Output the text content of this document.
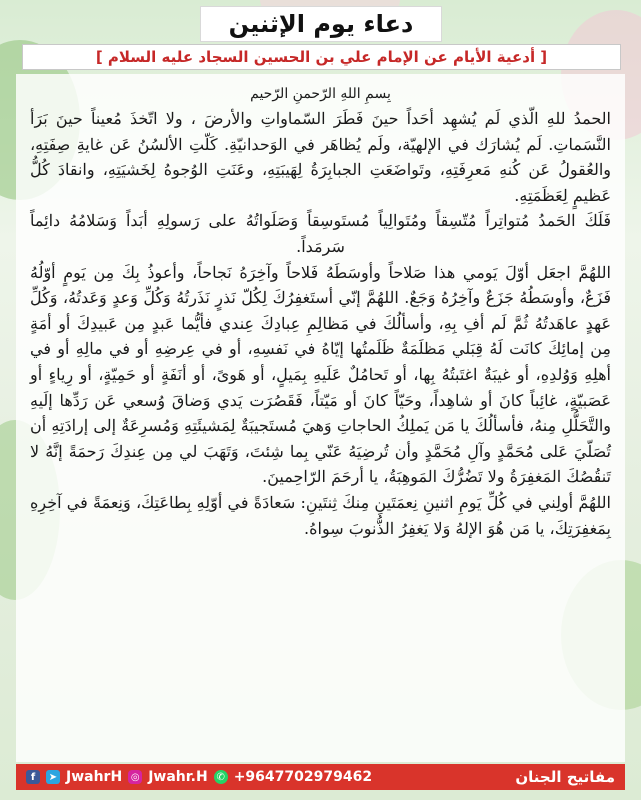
دعاء يوم الإثنين
[ أدعية الأيام عن الإمام علي بن الحسين السجاد عليه السلام ]

بِسمِ اللهِ الرّحمنِ الرّحيم

الحمدُ للهِ الّذي لَم يُشهِد أحَداً حينَ فَطَرَ السّماواتِ والأرضَ ، ولا اتّخذَ مُعيناً حينَ بَرَأ النَّسَماتِ. لَم يُشارَك في الإلهيّة، ولَم يُظاهَر في الوَحدانيّةِ. كَلّتِ الألسُنُ عَن غايةِ صِفَتِهِ، والعُقولُ عَن كُنهِ مَعرِفَتِهِ، وتَواضَعَتِ الجبابِرَةُ لِهَيبَتِهِ، وعَنَتِ الوُجوهُ لِخَشيَتِهِ، وانقادَ كُلُّ عَظيمٍ لِعَظَمَتِهِ.

فَلَكَ الحَمدُ مُتواتِراً مُتّسِقاً ومُتَوالِياً مُستَوسِقاً وَصَلَواتُهُ على رَسولِهِ أبَداً وَسَلامُهُ دائِماً سَرمَداً.

اللهُمَّ اجعَل أوّلَ يَومي هذا صَلاحاً وأوسَطَهُ فَلاحاً وآخِرَهُ نَجاحاً، وأعوذُ بِكَ مِن يَومٍ أوّلُهُ فَزَعٌ، وأوسَطُهُ جَزَعٌ وآخِرُهُ وَجَعٌ. اللهُمَّ إنّي أستَغفِرُكَ لِكُلّ نَذرٍ نَذَرتُهُ وَكُلِّ وَعدٍ وَعَدتُهُ، وَكُلِّ عَهدٍ عاهَدتُهُ ثُمَّ لَم أفِ بِهِ، وأسألُكَ في مَظالِمِ عِبادِكَ عِندي فأيُّما عَبدٍ مِن عَبيدِكَ أو أمَةٍ مِن إمائِكَ كانَت لَهُ قِبَلي مَظلَمَةٌ ظَلَمتُها إيّاهُ في نَفسِهِ، أو في عِرضِهِ أو في مالِهِ أو في أهلِهِ وَوُلدِهِ، أو غيبَةٌ اغتَبتُهُ بِها، أو تَحامُلٌ عَلَيهِ بِمَيلٍ، أو هَوىً، أو أنَفَةٍ أو حَمِيّةٍ، أو رِياءٍ أو عَصَبيّةٍ، غائِباً كانَ أو شاهِداً، وحَيّاً كانَ أو مَيّتاً، فَقَصُرَت يَدي وَضاقَ وُسعي عَن رَدِّها إلَيهِ والتَّحَلُّلِ مِنهُ، فأسألُكَ يا مَن يَملِكُ الحاجاتِ وَهيَ مُستَجيبَةٌ لِمَشيئَتِهِ وَمُسرِعَةٌ إلى إرادَتِهِ أن تُصَلّيَ عَلى مُحَمَّدٍ وآلِ مُحَمَّدٍ وأن تُرضِيَهُ عَنّي بِما شِئتَ، وَتَهَبَ لي مِن عِندِكَ رَحمَةً إنَّهُ لا تَنقُصُكَ المَغفِرَةُ ولا تَضُرُّكَ المَوهِبَةُ، يا أرحَمَ الرّاحِمينَ.

اللهُمَّ أولِني في كُلِّ يَومِ اثنينِ نِعمَتَينِ مِنكَ ثِنتَينِ: سَعادَةً في أوّلِهِ بِطاعَتِكَ، وَنِعمَةً في آخِرِهِ بِمَغفِرَتِكَ، يا مَن هُوَ الإلهُ وَلا يَغفِرُ الذُّنوبَ سِواهُ.

f	➤ JwahrH ◎ Jwahr.H ✆ +9647702979462	مفاتيح الجنان
